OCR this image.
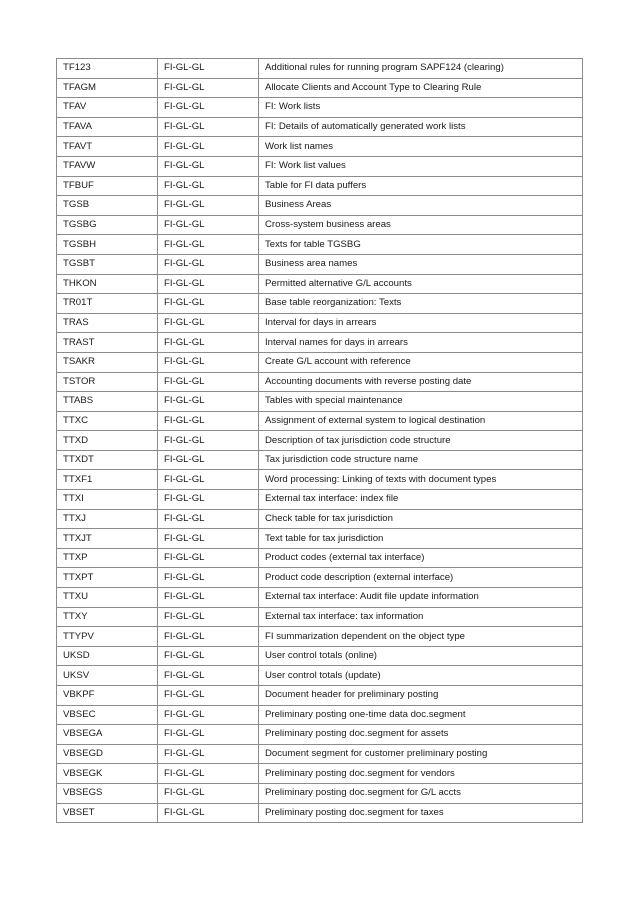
TF123	FI-GL-GL	Additional rules for running program SAPF124 (clearing)
TFAGM	FI-GL-GL	Allocate Clients and Account Type to Clearing Rule
TFAV	FI-GL-GL	FI: Work lists
TFAVA	FI-GL-GL	FI: Details of automatically generated work lists
TFAVT	FI-GL-GL	Work list names
TFAVW	FI-GL-GL	FI: Work list values
TFBUF	FI-GL-GL	Table for FI data puffers
TGSB	FI-GL-GL	Business Areas
TGSBG	FI-GL-GL	Cross-system business areas
TGSBH	FI-GL-GL	Texts for table TGSBG
TGSBT	FI-GL-GL	Business area names
THKON	FI-GL-GL	Permitted alternative G/L accounts
TR01T	FI-GL-GL	Base table reorganization: Texts
TRAS	FI-GL-GL	Interval for days in arrears
TRAST	FI-GL-GL	Interval names for days in arrears
TSAKR	FI-GL-GL	Create G/L account with reference
TSTOR	FI-GL-GL	Accounting documents with reverse posting date
TTABS	FI-GL-GL	Tables with special maintenance
TTXC	FI-GL-GL	Assignment of external system to logical destination
TTXD	FI-GL-GL	Description of tax jurisdiction code structure
TTXDT	FI-GL-GL	Tax jurisdiction code structure name
TTXF1	FI-GL-GL	Word processing: Linking of texts with document types
TTXI	FI-GL-GL	External tax interface: index file
TTXJ	FI-GL-GL	Check table for tax jurisdiction
TTXJT	FI-GL-GL	Text table for tax jurisdiction
TTXP	FI-GL-GL	Product codes (external tax interface)
TTXPT	FI-GL-GL	Product code description (external interface)
TTXU	FI-GL-GL	External tax interface: Audit file update information
TTXY	FI-GL-GL	External tax interface: tax information
TTYPV	FI-GL-GL	FI summarization dependent on the object type
UKSD	FI-GL-GL	User control totals (online)
UKSV	FI-GL-GL	User control totals (update)
VBKPF	FI-GL-GL	Document header for preliminary posting
VBSEC	FI-GL-GL	Preliminary posting one-time data doc.segment
VBSEGA	FI-GL-GL	Preliminary posting doc.segment for assets
VBSEGD	FI-GL-GL	Document segment for customer preliminary posting
VBSEGK	FI-GL-GL	Preliminary posting doc.segment for vendors
VBSEGS	FI-GL-GL	Preliminary posting doc.segment for G/L accts
VBSET	FI-GL-GL	Preliminary posting doc.segment for taxes
